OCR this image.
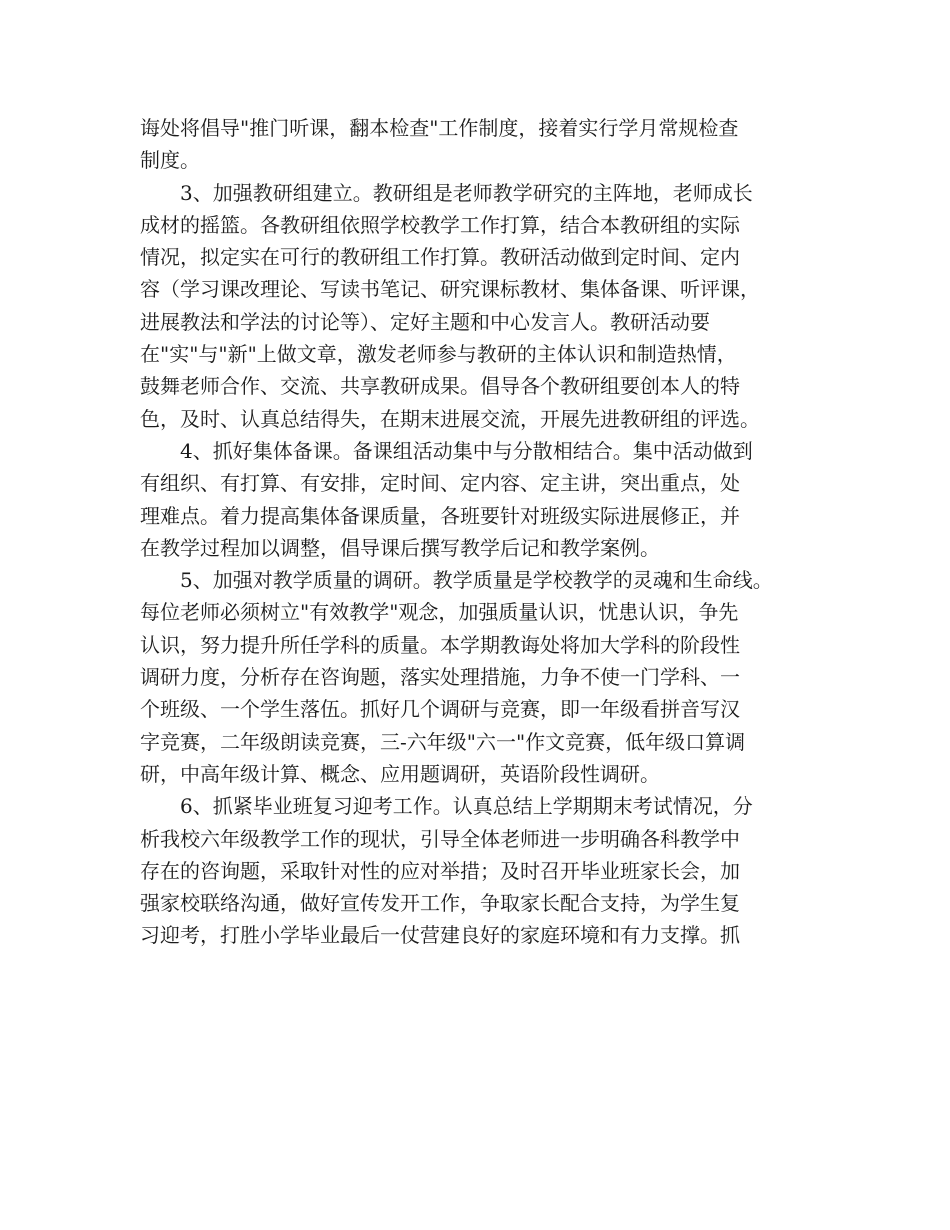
诲处将倡导"推门听课，翻本检查"工作制度，接着实行学月常规检查
制度。
3、加强教研组建立。教研组是老师教学研究的主阵地，老师成长
成材的摇篮。各教研组依照学校教学工作打算，结合本教研组的实际
情况，拟定实在可行的教研组工作打算。教研活动做到定时间、定内
容（学习课改理论、写读书笔记、研究课标教材、集体备课、听评课，
进展教法和学法的讨论等）、定好主题和中心发言人。教研活动要
在"实"与"新"上做文章，激发老师参与教研的主体认识和制造热情，
鼓舞老师合作、交流、共享教研成果。倡导各个教研组要创本人的特
色，及时、认真总结得失，在期末进展交流，开展先进教研组的评选。
4、抓好集体备课。备课组活动集中与分散相结合。集中活动做到
有组织、有打算、有安排，定时间、定内容、定主讲，突出重点，处
理难点。着力提高集体备课质量，各班要针对班级实际进展修正，并
在教学过程加以调整，倡导课后撰写教学后记和教学案例。
5、加强对教学质量的调研。教学质量是学校教学的灵魂和生命线。
每位老师必须树立"有效教学"观念，加强质量认识，忧患认识，争先
认识，努力提升所任学科的质量。本学期教诲处将加大学科的阶段性
调研力度，分析存在咨询题，落实处理措施，力争不使一门学科、一
个班级、一个学生落伍。抓好几个调研与竞赛，即一年级看拼音写汉
字竞赛，二年级朗读竞赛，三-六年级"六一"作文竞赛，低年级口算调
研，中高年级计算、概念、应用题调研，英语阶段性调研。
6、抓紧毕业班复习迎考工作。认真总结上学期期末考试情况，分
析我校六年级教学工作的现状，引导全体老师进一步明确各科教学中
存在的咨询题，采取针对性的应对举措；及时召开毕业班家长会，加
强家校联络沟通，做好宣传发开工作，争取家长配合支持，为学生复
习迎考，打胜小学毕业最后一仗营建良好的家庭环境和有力支撑。抓
